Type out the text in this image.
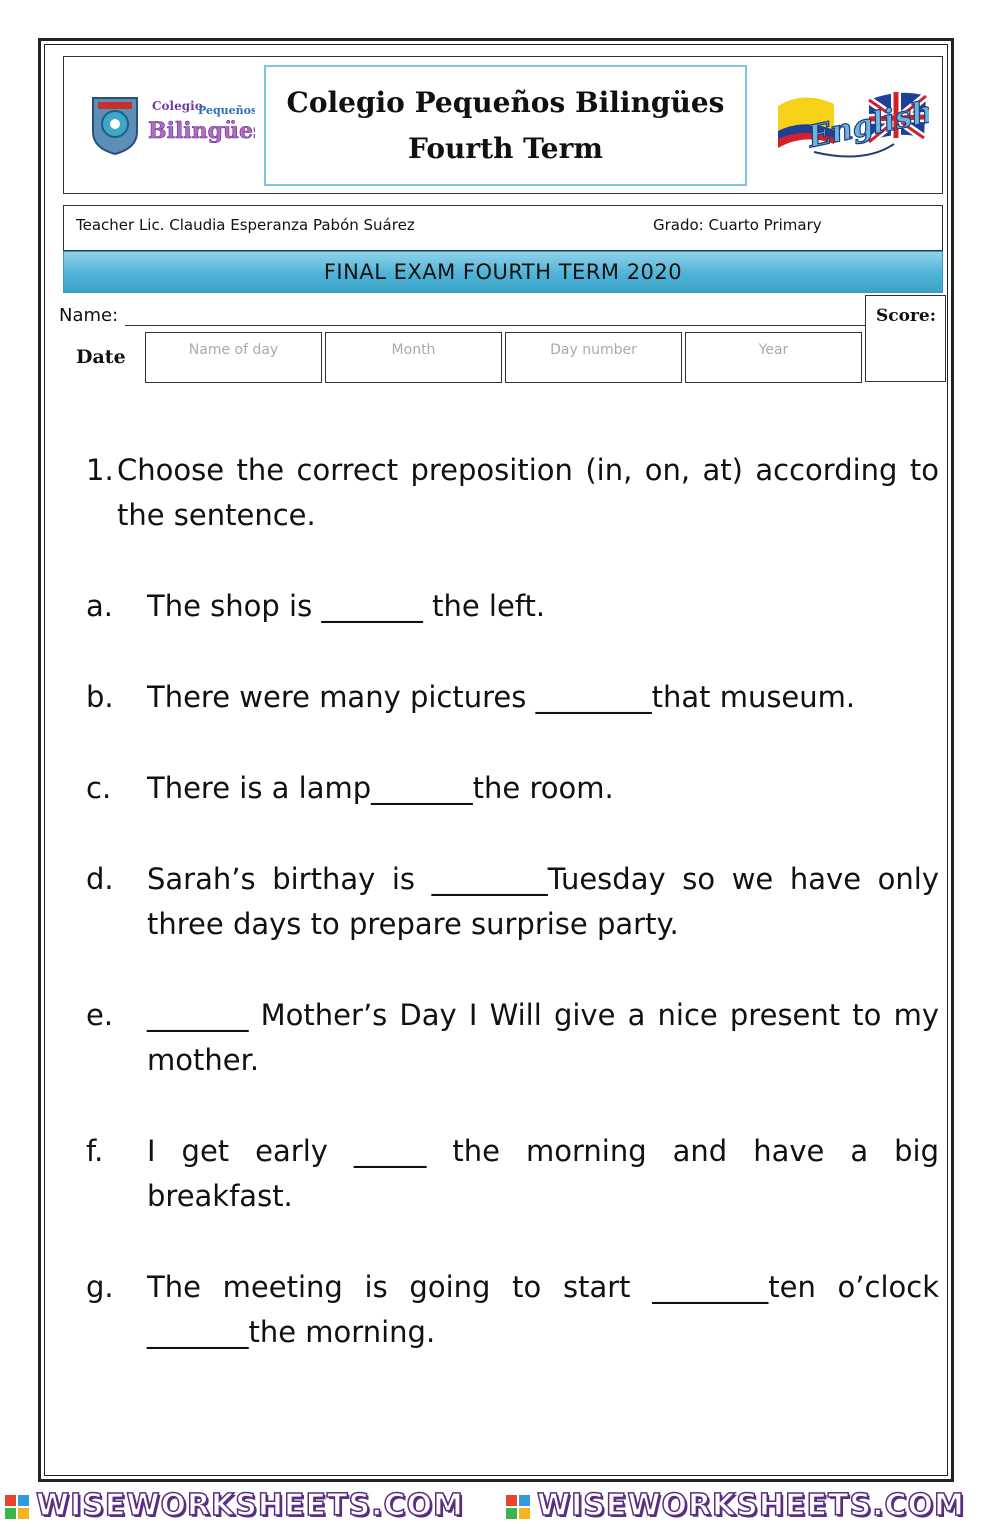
Colegio
Pequeños
Bilingües
Colegio Pequeños Bilingües
Fourth Term	English
Teacher Lic. Claudia Esperanza Pabón Suárez	Grado: Cuarto Primary
FINAL EXAM FOURTH TERM 2020
Name:	Score:
Date	Name of day	Month	Day number	Year
1. Choose the correct preposition (in, on, at) according to the sentence.
a. The shop is _______ the left.
b. There were many pictures ________that museum.
c. There is a lamp_______the room.
d. Sarah’s birthay is ________Tuesday so we have only three days to prepare surprise party.
e. _______ Mother’s Day I Will give a nice present to my mother.
f. I get early _____ the morning and have a big breakfast.
g. The meeting is going to start ________ten o’clock _______the morning.
WISEWORKSHEETS.COM WISEWORKSHEETS.COM
